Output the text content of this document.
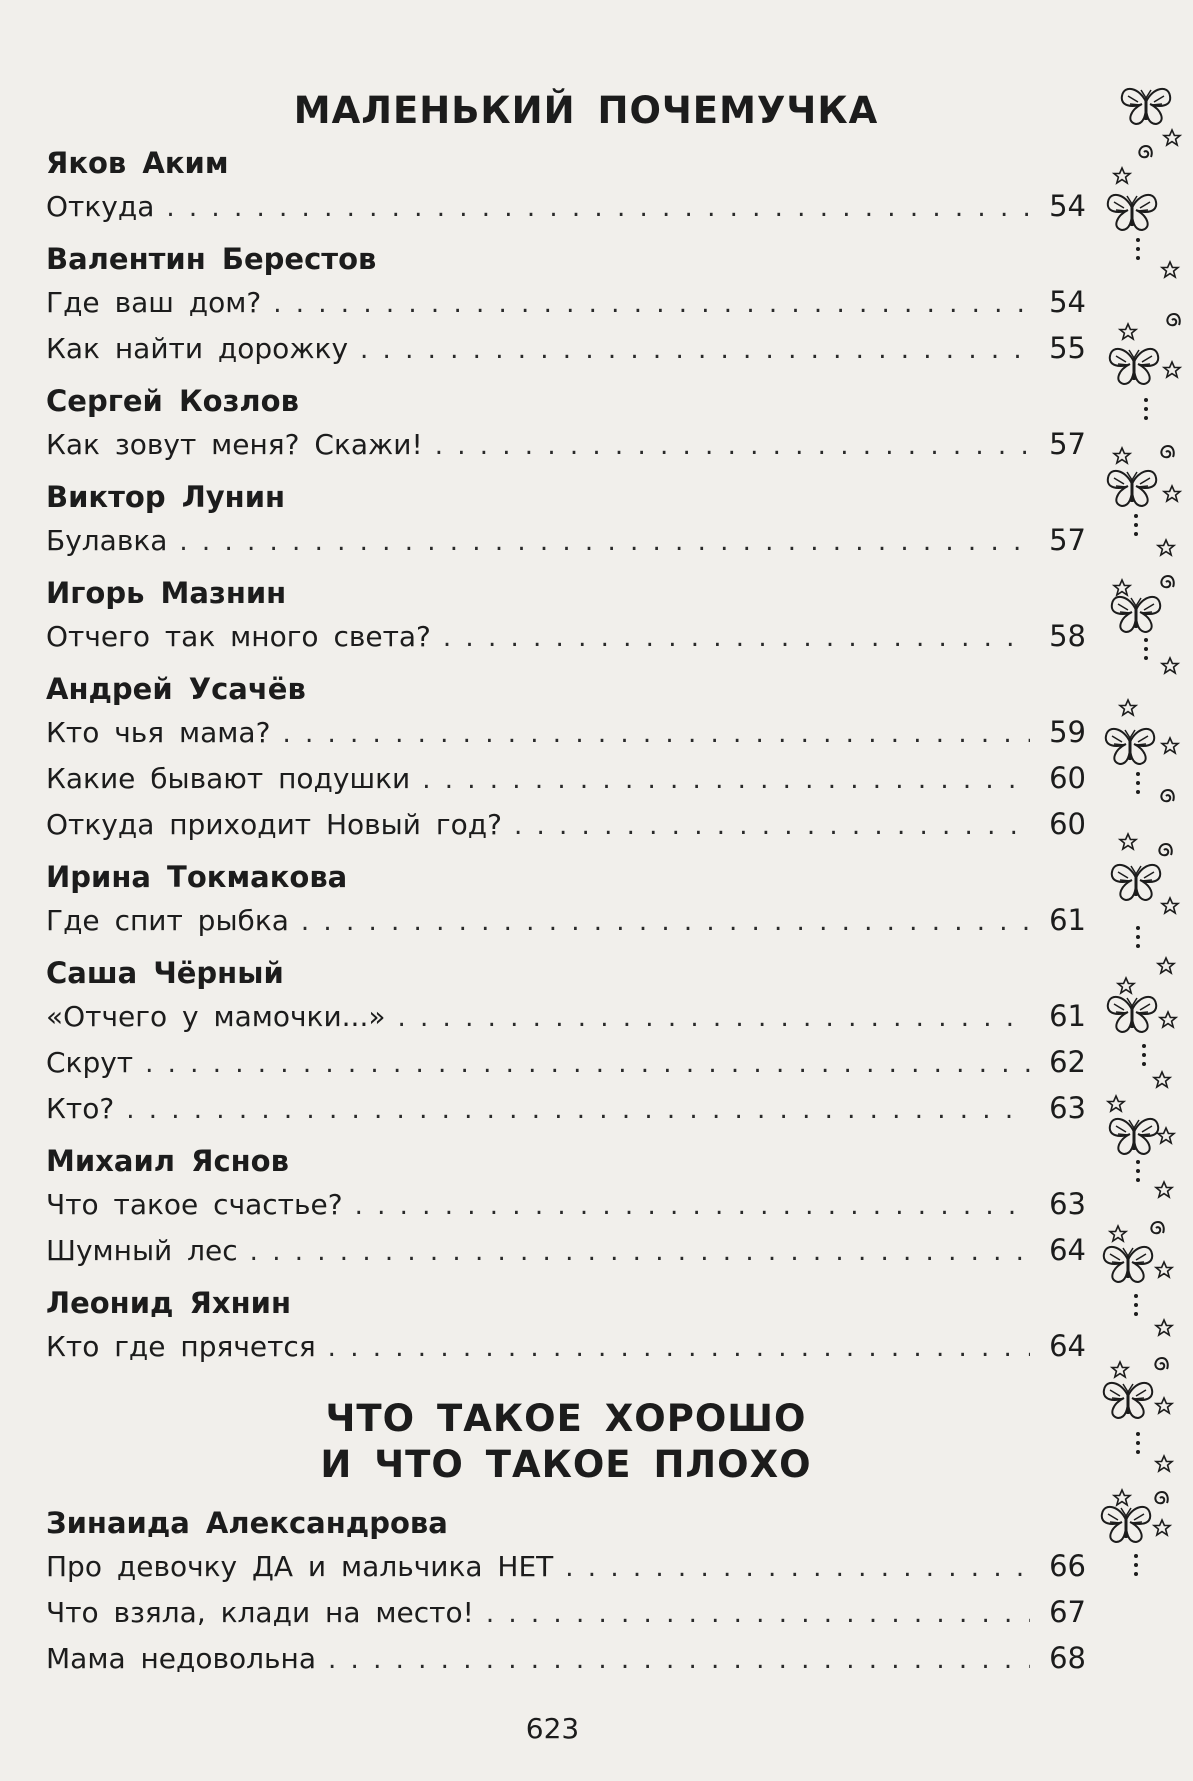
МАЛЕНЬКИЙ ПОЧЕМУЧКА
Яков Аким
Откуда . . .	54
Валентин Берестов
Где ваш дом? . . .	54
Как найти дорожку . . .	55
Сергей Козлов
Как зовут меня? Скажи! . . .	57
Виктор Лунин
Булавка . . .	57
Игорь Мазнин
Отчего так много света? . . .	58
Андрей Усачёв
Кто чья мама? . . .	59
Какие бывают подушки . . .	60
Откуда приходит Новый год? . . .	60
Ирина Токмакова
Где спит рыбка . . .	61
Саша Чёрный
«Отчего у мамочки...» . . .	61
Скрут . . .	62
Кто? . . .	63
Михаил Яснов
Что такое счастье? . . .	63
Шумный лес . . .	64
Леонид Яхнин
Кто где прячется . . .	64
ЧТО ТАКОЕ ХОРОШО
И ЧТО ТАКОЕ ПЛОХО
Зинаида Александрова
Про девочку ДА и мальчика НЕТ . . .	66
Что взяла, клади на место! . . .	67
Мама недовольна . . .	68
623
